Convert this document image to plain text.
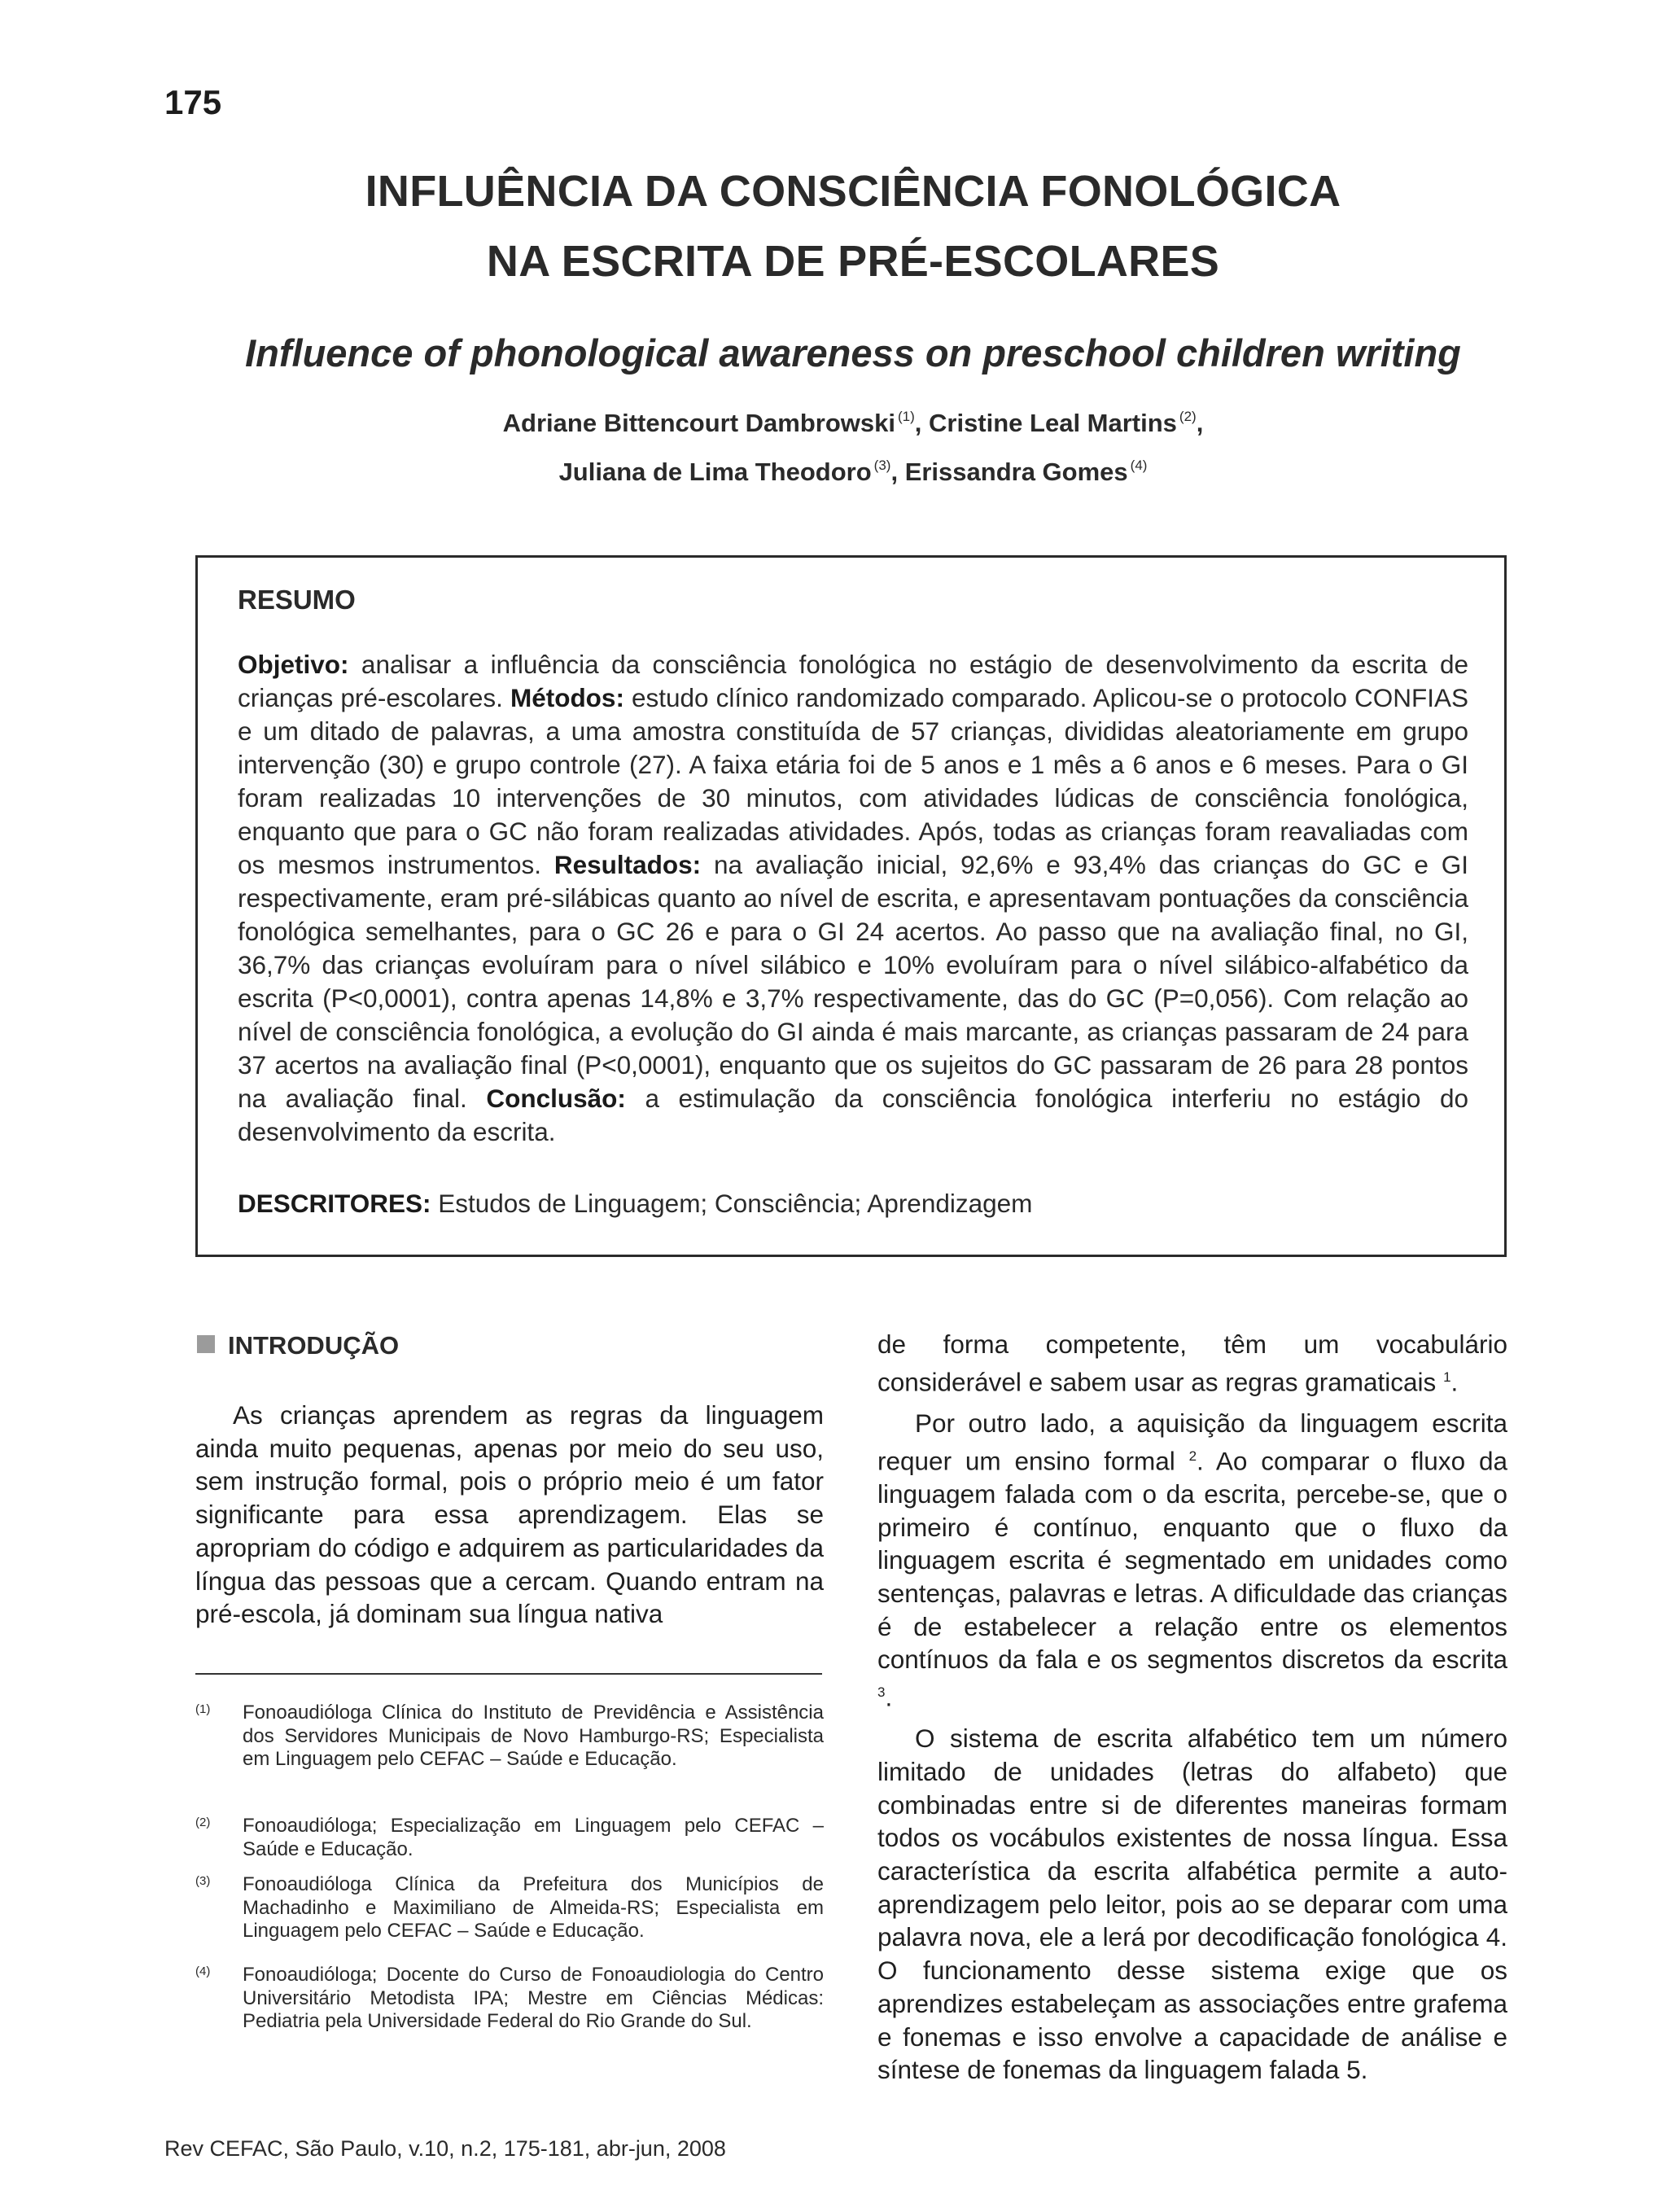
175
INFLUÊNCIA DA CONSCIÊNCIA FONOLÓGICA
NA ESCRITA DE PRÉ-ESCOLARES
Influence of phonological awareness on preschool children writing
Adriane Bittencourt Dambrowski $^{(1)}$, Cristine Leal Martins $^{(2)}$,
Juliana de Lima Theodoro $^{(3)}$, Erissandra Gomes $^{(4)}$
RESUMO
Objetivo: analisar a influência da consciência fonológica no estágio de desenvolvimento da escrita de crianças pré-escolares. Métodos: estudo clínico randomizado comparado. Aplicou-se o protocolo CONFIAS e um ditado de palavras, a uma amostra constituída de 57 crianças, divididas aleatoriamente em grupo intervenção (30) e grupo controle (27). A faixa etária foi de 5 anos e 1 mês a 6 anos e 6 meses. Para o GI foram realizadas 10 intervenções de 30 minutos, com atividades lúdicas de consciência fonológica, enquanto que para o GC não foram realizadas atividades. Após, todas as crianças foram reavaliadas com os mesmos instrumentos. Resultados: na avaliação inicial, 92,6% e 93,4% das crianças do GC e GI respectivamente, eram pré-silábicas quanto ao nível de escrita, e apresentavam pontuações da consciência fonológica semelhantes, para o GC 26 e para o GI 24 acertos. Ao passo que na avaliação final, no GI, 36,7% das crianças evoluíram para o nível silábico e 10% evoluíram para o nível silábico-alfabético da escrita (P<0,0001), contra apenas 14,8% e 3,7% respectivamente, das do GC (P=0,056). Com relação ao nível de consciência fonológica, a evolução do GI ainda é mais marcante, as crianças passaram de 24 para 37 acertos na avaliação final (P<0,0001), enquanto que os sujeitos do GC passaram de 26 para 28 pontos na avaliação final. Conclusão: a estimulação da consciência fonológica interferiu no estágio do desenvolvimento da escrita.
DESCRITORES: Estudos de Linguagem; Consciência; Aprendizagem
INTRODUÇÃO

As crianças aprendem as regras da linguagem ainda muito pequenas, apenas por meio do seu uso, sem instrução formal, pois o próprio meio é um fator significante para essa aprendizagem. Elas se apropriam do código e adquirem as particularidades da língua das pessoas que a cercam. Quando entram na pré-escola, já dominam sua língua nativa

(1) Fonoaudióloga Clínica do Instituto de Previdência e Assistência dos Servidores Municipais de Novo Hamburgo-RS; Especialista em Linguagem pelo CEFAC – Saúde e Educação.
(2) Fonoaudióloga; Especialização em Linguagem pelo CEFAC – Saúde e Educação.
(3) Fonoaudióloga Clínica da Prefeitura dos Municípios de Machadinho e Maximiliano de Almeida-RS; Especialista em Linguagem pelo CEFAC – Saúde e Educação.
(4) Fonoaudióloga; Docente do Curso de Fonoaudiologia do Centro Universitário Metodista IPA; Mestre em Ciências Médicas: Pediatria pela Universidade Federal do Rio Grande do Sul.

de forma competente, têm um vocabulário considerável e sabem usar as regras gramaticais $^1$.

Por outro lado, a aquisição da linguagem escrita requer um ensino formal $^2$. Ao comparar o fluxo da linguagem falada com o da escrita, percebe-se, que o primeiro é contínuo, enquanto que o fluxo da linguagem escrita é segmentado em unidades como sentenças, palavras e letras. A dificuldade das crianças é de estabelecer a relação entre os elementos contínuos da fala e os segmentos discretos da escrita $^3$.

O sistema de escrita alfabético tem um número limitado de unidades (letras do alfabeto) que combinadas entre si de diferentes maneiras formam todos os vocábulos existentes de nossa língua. Essa característica da escrita alfabética permite a auto-aprendizagem pelo leitor, pois ao se deparar com uma palavra nova, ele a lerá por decodificação fonológica 4. O funcionamento desse sistema exige que os aprendizes estabeleçam as associações entre grafema e fonemas e isso envolve a capacidade de análise e síntese de fonemas da linguagem falada 5.

Rev CEFAC, São Paulo, v.10, n.2, 175-181, abr-jun, 2008
